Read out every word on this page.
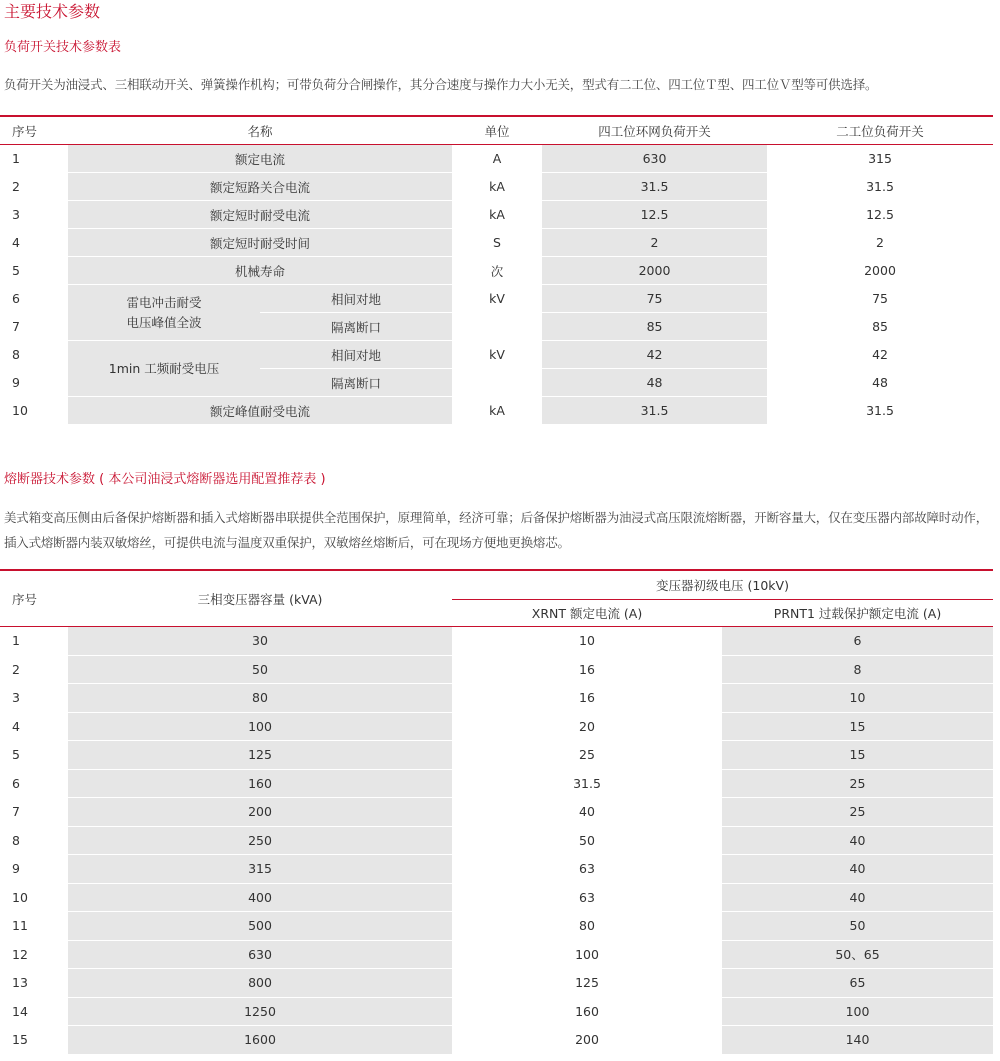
主要技术参数
负荷开关技术参数表
负荷开关为油浸式、三相联动开关、弹簧操作机构；可带负荷分合闸操作，其分合速度与操作力大小无关，型式有二工位、四工位Ｔ型、四工位Ｖ型等可供选择。
序号	名称		单位	四工位环网负荷开关	二工位负荷开关
1	额定电流		A	630	315
2	额定短路关合电流		kA	31.5	31.5
3	额定短时耐受电流		kA	12.5	12.5
4	额定短时耐受时间		S	2	2
5	机械寿命		次	2000	2000
6	雷电冲击耐受
电压峰值全波	相间对地	kV	75	75
7		隔离断口		85	85
8	1min 工频耐受电压	相间对地	kV	42	42
9		隔离断口		48	48
10	额定峰值耐受电流		kA	31.5	31.5
熔断器技术参数 ( 本公司油浸式熔断器选用配置推荐表 )
美式箱变高压侧由后备保护熔断器和插入式熔断器串联提供全范围保护，原理简单，经济可靠；后备保护熔断器为油浸式高压限流熔断器，开断容量大，仅在变压器内部故障时动作，插入式熔断器内装双敏熔丝，可提供电流与温度双重保护，双敏熔丝熔断后，可在现场方便地更换熔芯。
序号	三相变压器容量 (kVA)	变压器初级电压 (10kV)	
		XRNT 额定电流 (A)	PRNT1 过载保护额定电流 (A)
1	30	10	6
2	50	16	8
3	80	16	10
4	100	20	15
5	125	25	15
6	160	31.5	25
7	200	40	25
8	250	50	40
9	315	63	40
10	400	63	40
11	500	80	50
12	630	100	50、65
13	800	125	65
14	1250	160	100
15	1600	200	140
